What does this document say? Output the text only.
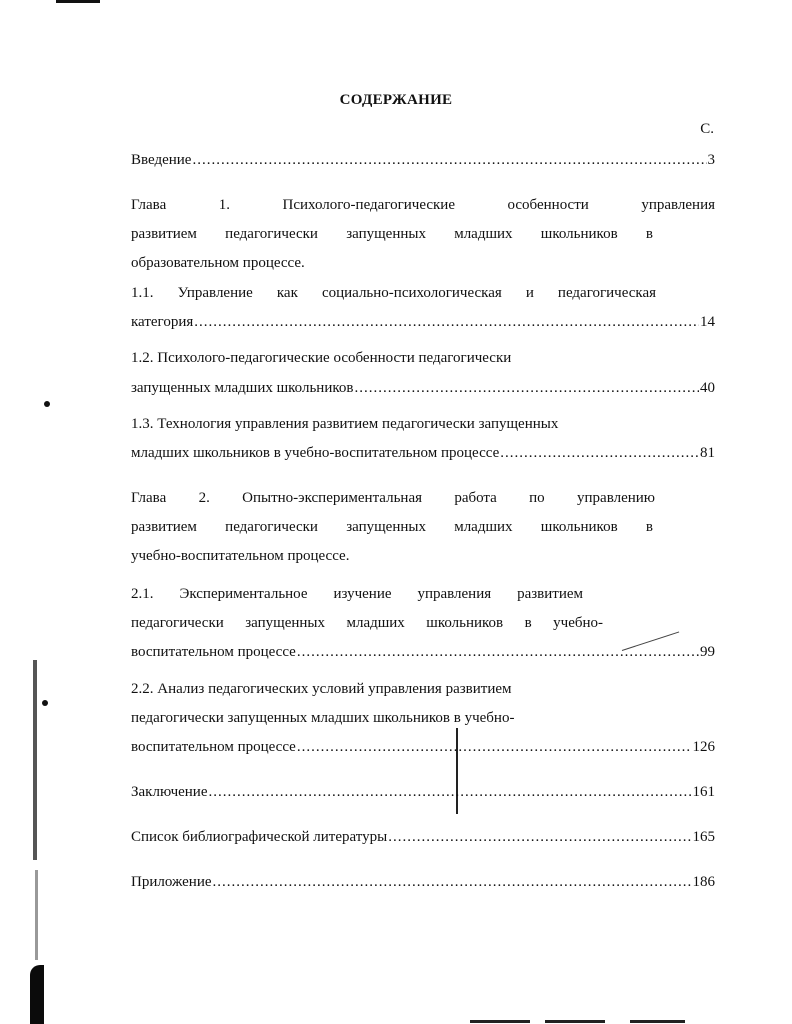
СОДЕРЖАНИЕ
С.
Введение .....	3
Глава 1. Психолого-педагогические особенности управления
развитием педагогически запущенных младших школьников в
образовательном процессе.
1.1. Управление как социально-психологическая и педагогическая
категория .....	14
1.2. Психолого-педагогические особенности педагогически
запущенных младших школьников .....	40
1.3. Технология управления развитием педагогически запущенных
младших школьников в учебно-воспитательном процессе .....	81
Глава 2. Опытно-экспериментальная работа по управлению
развитием педагогически запущенных младших школьников в
учебно-воспитательном процессе.
2.1. Экспериментальное изучение управления развитием
педагогически запущенных младших школьников в учебно-
воспитательном процессе .....	99
2.2. Анализ педагогических условий управления развитием
педагогически запущенных младших школьников в учебно-
воспитательном процессе .....	126
Заключение .....	161
Список библиографической литературы .....	165
Приложение .....	186
